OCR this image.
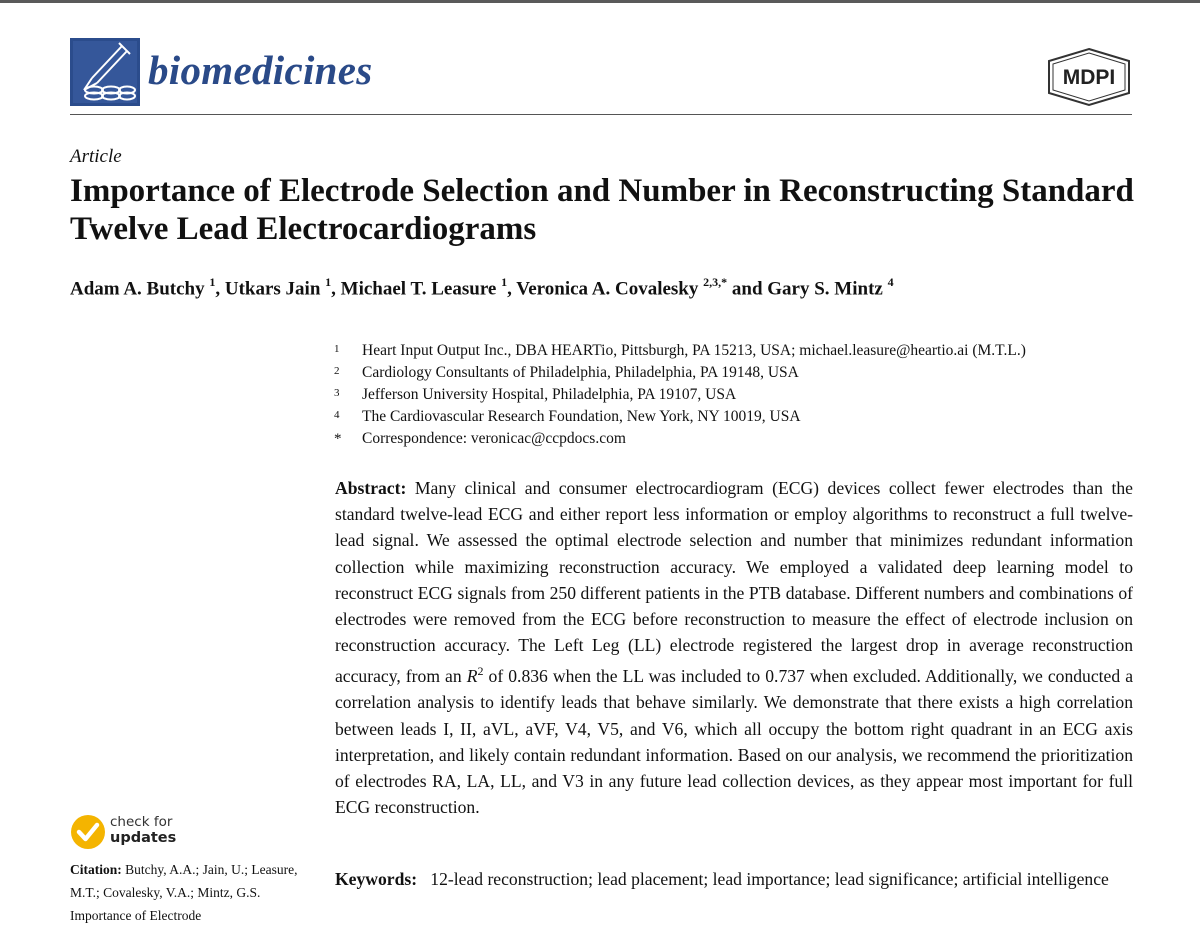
biomedicines	MDPI
Article
Importance of Electrode Selection and Number in Reconstructing Standard Twelve Lead Electrocardiograms
Adam A. Butchy $^1$, Utkars Jain $^1$, Michael T. Leasure $^1$, Veronica A. Covalesky $^{2,3,*}$ and Gary S. Mintz $^4$
1 Heart Input Output Inc., DBA HEARTio, Pittsburgh, PA 15213, USA; michael.leasure@heartio.ai (M.T.L.)
2 Cardiology Consultants of Philadelphia, Philadelphia, PA 19148, USA
3 Jefferson University Hospital, Philadelphia, PA 19107, USA
4 The Cardiovascular Research Foundation, New York, NY 10019, USA
* Correspondence: veronicac@ccpdocs.com

Abstract: Many clinical and consumer electrocardiogram (ECG) devices collect fewer electrodes than the standard twelve-lead ECG and either report less information or employ algorithms to reconstruct a full twelve-lead signal. We assessed the optimal electrode selection and number that minimizes redundant information collection while maximizing reconstruction accuracy. We employed a validated deep learning model to reconstruct ECG signals from 250 different patients in the PTB database. Different numbers and combinations of electrodes were removed from the ECG before reconstruction to measure the effect of electrode inclusion on reconstruction accuracy. The Left Leg (LL) electrode registered the largest drop in average reconstruction accuracy, from an $R^2$ of 0.836 when the LL was included to 0.737 when excluded. Additionally, we conducted a correlation analysis to identify leads that behave similarly. We demonstrate that there exists a high correlation between leads I, II, aVL, aVF, V4, V5, and V6, which all occupy the bottom right quadrant in an ECG axis interpretation, and likely contain redundant information. Based on our analysis, we recommend the prioritization of electrodes RA, LA, LL, and V3 in any future lead collection devices, as they appear most important for full ECG reconstruction.

check for
updates

Keywords: 12-lead reconstruction; lead placement; lead importance; lead significance; artificial intelligence

Citation: Butchy, A.A.; Jain, U.; Leasure, M.T.; Covalesky, V.A.; Mintz, G.S. Importance of Electrode
